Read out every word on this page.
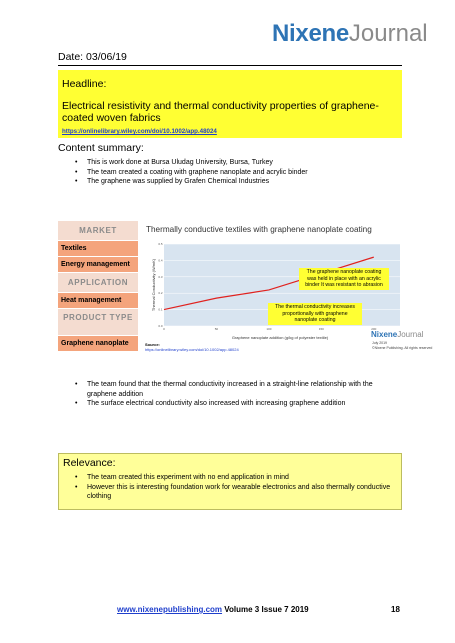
NixeneJournal
Date: 03/06/19
Headline:
Electrical resistivity and thermal conductivity properties of graphene-coated woven fabrics
https://onlinelibrary.wiley.com/doi/10.1002/app.48024
Content summary:
• This is work done at Bursa Uludag University, Bursa, Turkey
• The team created a coating with graphene nanoplate and acrylic binder
• The graphene was supplied by Grafen Chemical Industries
MARKET
Textiles
Energy management
APPLICATION
Heat management
PRODUCT TYPE
Graphene nanoplate
Thermally conductive textiles with graphene nanoplate coating
0.0
0.1
0.2
0.3
0.4
0.5
0	50	100	150	200
Thermal Conductivity (W/mK)
Graphene nanoplate addition (g/kg of polyester textile)
The graphene nanoplate coating was held in place with an acrylic binder It was resistant to abrasion
The thermal conductivity increases proportionally with graphene nanoplate coating
Source:
https://onlinelibrary.wiley.com/doi/10.1002/app.48024
NixeneJournal
July 2019
©Nixene Publishing. All rights reserved
• The team found that the thermal conductivity increased in a straight-line relationship with the graphene addition
• The surface electrical conductivity also increased with increasing graphene addition
Relevance:
• The team created this experiment with no end application in mind
• However this is interesting foundation work for wearable electronics and also thermally conductive clothing
www.nixenepublishing.com Volume 3 Issue 7 2019	18
